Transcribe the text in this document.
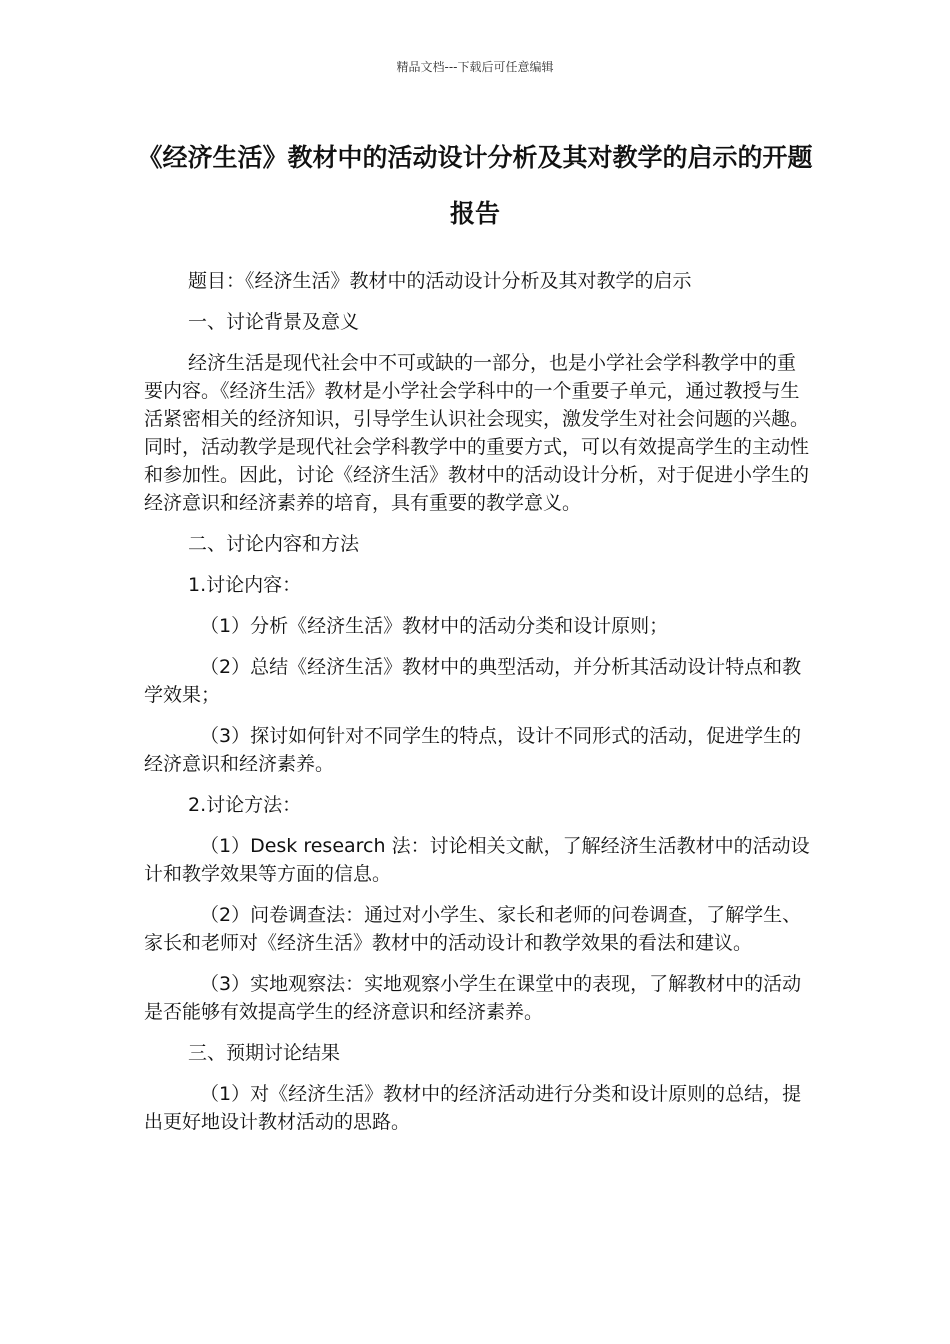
精品文档---下载后可任意编辑
《经济生活》教材中的活动设计分析及其对教学的启示的开题报告

题目：《经济生活》教材中的活动设计分析及其对教学的启示

一、讨论背景及意义

经济生活是现代社会中不可或缺的一部分，也是小学社会学科教学中的重要内容。《经济生活》教材是小学社会学科中的一个重要子单元，通过教授与生活紧密相关的经济知识，引导学生认识社会现实，激发学生对社会问题的兴趣。同时，活动教学是现代社会学科教学中的重要方式，可以有效提高学生的主动性和参加性。因此，讨论《经济生活》教材中的活动设计分析，对于促进小学生的经济意识和经济素养的培育，具有重要的教学意义。

二、讨论内容和方法

1.讨论内容：

（1）分析《经济生活》教材中的活动分类和设计原则；

（2）总结《经济生活》教材中的典型活动，并分析其活动设计特点和教学效果；

（3）探讨如何针对不同学生的特点，设计不同形式的活动，促进学生的经济意识和经济素养。

2.讨论方法：

（1）Desk research 法：讨论相关文献，了解经济生活教材中的活动设计和教学效果等方面的信息。

（2）问卷调查法：通过对小学生、家长和老师的问卷调查，了解学生、家长和老师对《经济生活》教材中的活动设计和教学效果的看法和建议。

（3）实地观察法：实地观察小学生在课堂中的表现，了解教材中的活动是否能够有效提高学生的经济意识和经济素养。

三、预期讨论结果

（1）对《经济生活》教材中的经济活动进行分类和设计原则的总结，提出更好地设计教材活动的思路。
